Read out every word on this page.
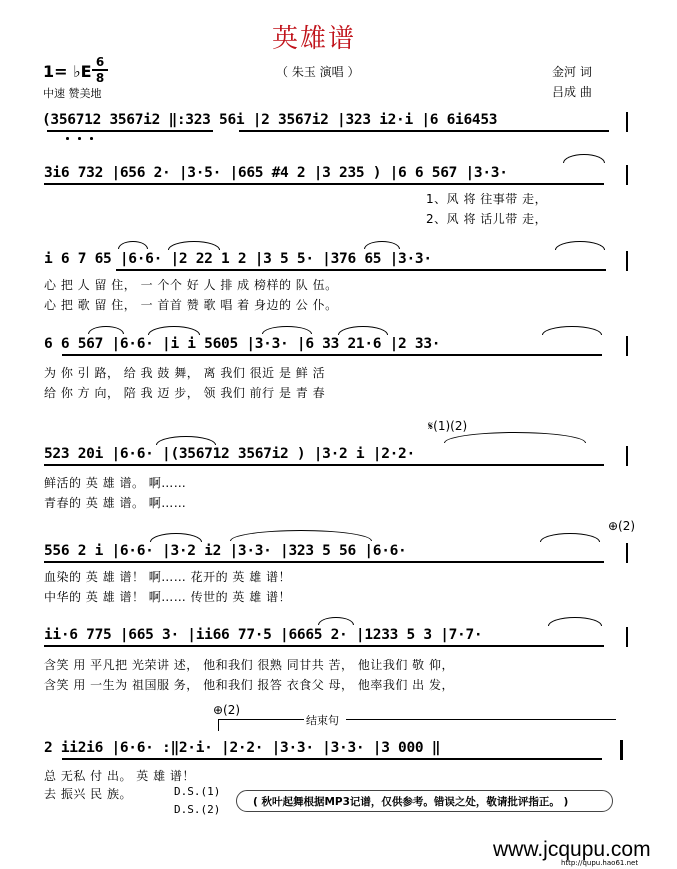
英雄谱
（ 朱玉 演唱 ）
1= ♭E 6
8
中速 赞美地
金河 词
吕成 曲
(356712 3567i2 ‖:323 56i |2 3567i2 |323 i2·i |6 6i6453
3i6 732 |656 2· |3·5· |665 #4 2 |3 235 ) |6 6 567 |3·3·
1、风 将 往事带 走，
2、风 将 话儿带 走，
i 6 7 65 |6·6· |2 22 1 2 |3 5 5· |376 65 |3·3·
心 把 人 留 住， 一 个个 好 人 排 成 榜样的 队 伍。
心 把 歌 留 住， 一 首首 赞 歌 唱 着 身边的 公 仆。
6 6 567 |6·6· |i i 5605 |3·3· |6 33 21·6 |2 33·
为 你 引 路， 给 我 鼓 舞， 离 我们 很近 是 鲜 活
给 你 方 向， 陪 我 迈 步， 领 我们 前行 是 青 春
𝄋(1)(2)
523 20i |6·6· |(356712 3567i2 ) |3·2 i |2·2·
鲜活的 英 雄 谱。 啊……
青春的 英 雄 谱。 啊……
⊕(2)
556 2 i |6·6· |3·2 i2 |3·3· |323 5 56 |6·6·
血染的 英 雄 谱！ 啊…… 花开的 英 雄 谱！
中华的 英 雄 谱！ 啊…… 传世的 英 雄 谱！
ii·6 775 |665 3· |ii66 77·5 |6665 2· |1233 5 3 |7·7·
含笑 用 平凡把 光荣讲 述， 他和我们 很熟 同甘共 苦， 他让我们 敬 仰，
含笑 用 一生为 祖国服 务， 他和我们 报答 衣食父 母， 他率我们 出 发，
⊕(2)
结束句
2 ii2i6 |6·6· :‖2·i· |2·2· |3·3· |3·3· |3 000 ‖
总 无私 付 出。 英 雄 谱！
去 振兴 民 族。	D.S.(1)
D.S.(2)
( 秋叶起舞根据MP3记谱，仅供参考。错误之处，敬请批评指正。 )
www.jcqupu.com
http://qupu.hao61.net
